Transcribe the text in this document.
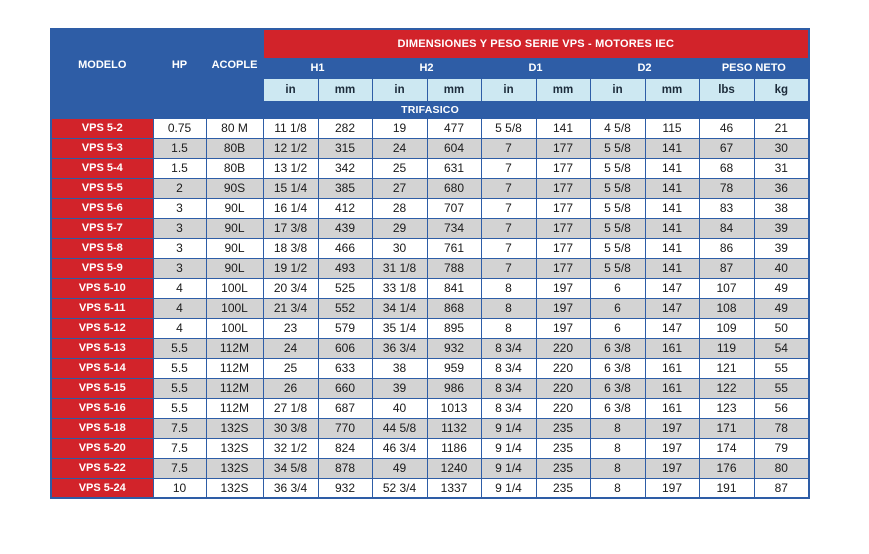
MODELO	HP	ACOPLE	DIMENSIONES Y PESO SERIE VPS - MOTORES IEC									
			H1		H2		D1		D2		PESO NETO	
			in	mm	in	mm	in	mm	in	mm	lbs	kg
TRIFASICO												
VPS 5-2	0.75	80 M	11 1/8	282	19	477	5 5/8	141	4 5/8	115	46	21
VPS 5-3	1.5	80B	12 1/2	315	24	604	7	177	5 5/8	141	67	30
VPS 5-4	1.5	80B	13 1/2	342	25	631	7	177	5 5/8	141	68	31
VPS 5-5	2	90S	15 1/4	385	27	680	7	177	5 5/8	141	78	36
VPS 5-6	3	90L	16 1/4	412	28	707	7	177	5 5/8	141	83	38
VPS 5-7	3	90L	17 3/8	439	29	734	7	177	5 5/8	141	84	39
VPS 5-8	3	90L	18 3/8	466	30	761	7	177	5 5/8	141	86	39
VPS 5-9	3	90L	19 1/2	493	31 1/8	788	7	177	5 5/8	141	87	40
VPS 5-10	4	100L	20 3/4	525	33 1/8	841	8	197	6	147	107	49
VPS 5-11	4	100L	21 3/4	552	34 1/4	868	8	197	6	147	108	49
VPS 5-12	4	100L	23	579	35 1/4	895	8	197	6	147	109	50
VPS 5-13	5.5	112M	24	606	36 3/4	932	8 3/4	220	6 3/8	161	119	54
VPS 5-14	5.5	112M	25	633	38	959	8 3/4	220	6 3/8	161	121	55
VPS 5-15	5.5	112M	26	660	39	986	8 3/4	220	6 3/8	161	122	55
VPS 5-16	5.5	112M	27 1/8	687	40	1013	8 3/4	220	6 3/8	161	123	56
VPS 5-18	7.5	132S	30 3/8	770	44 5/8	1132	9 1/4	235	8	197	171	78
VPS 5-20	7.5	132S	32 1/2	824	46 3/4	1186	9 1/4	235	8	197	174	79
VPS 5-22	7.5	132S	34 5/8	878	49	1240	9 1/4	235	8	197	176	80
VPS 5-24	10	132S	36 3/4	932	52 3/4	1337	9 1/4	235	8	197	191	87
